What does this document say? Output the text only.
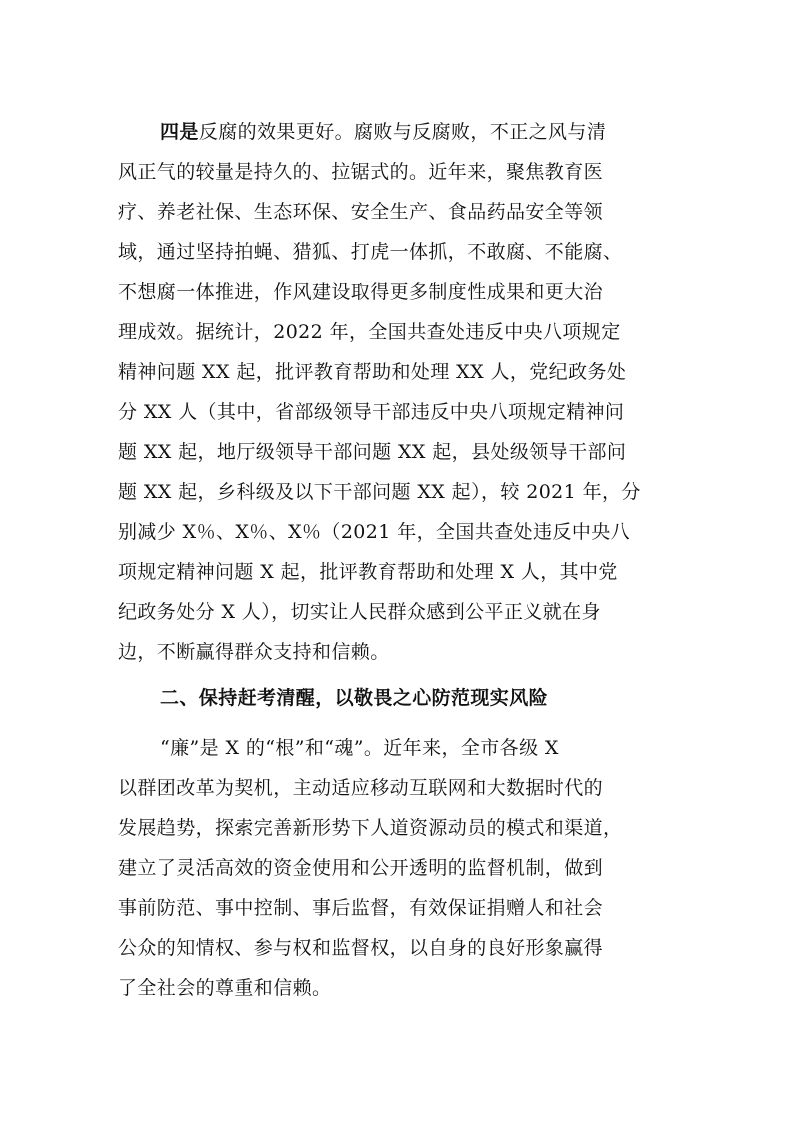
四是反腐的效果更好。腐败与反腐败，不正之风与清
风正气的较量是持久的、拉锯式的。近年来，聚焦教育医
疗、养老社保、生态环保、安全生产、食品药品安全等领
域，通过坚持拍蝇、猎狐、打虎一体抓，不敢腐、不能腐、
不想腐一体推进，作风建设取得更多制度性成果和更大治
理成效。据统计，2022 年，全国共查处违反中央八项规定
精神问题 XX 起，批评教育帮助和处理 XX 人，党纪政务处
分 XX 人（其中，省部级领导干部违反中央八项规定精神问
题 XX 起，地厅级领导干部问题 XX 起，县处级领导干部问
题 XX 起，乡科级及以下干部问题 XX 起），较 2021 年，分
别减少 X％、X％、X％（2021 年，全国共查处违反中央八
项规定精神问题 X 起，批评教育帮助和处理 X 人，其中党
纪政务处分 X 人），切实让人民群众感到公平正义就在身
边，不断赢得群众支持和信赖。
二、保持赶考清醒，以敬畏之心防范现实风险
“廉”是 X 的“根”和“魂”。近年来，全市各级 X
以群团改革为契机，主动适应移动互联网和大数据时代的
发展趋势，探索完善新形势下人道资源动员的模式和渠道，
建立了灵活高效的资金使用和公开透明的监督机制，做到
事前防范、事中控制、事后监督，有效保证捐赠人和社会
公众的知情权、参与权和监督权，以自身的良好形象赢得
了全社会的尊重和信赖。
